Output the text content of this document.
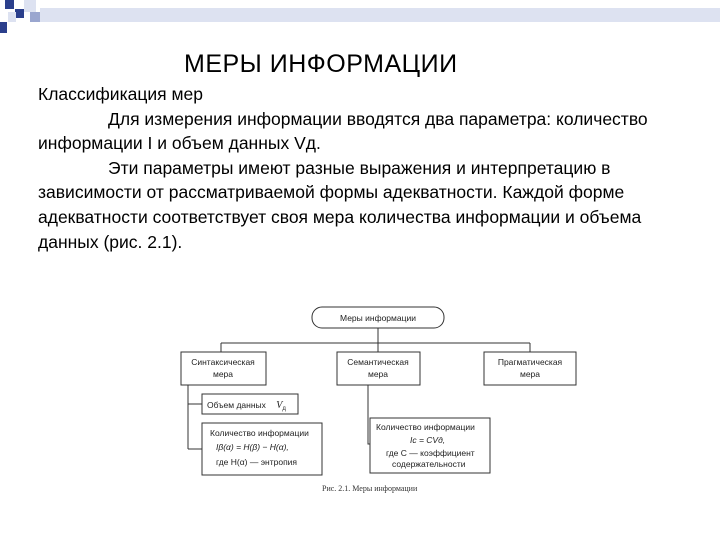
МЕРЫ ИНФОРМАЦИИ

Классификация мер

Для измерения информации вводятся два параметра: количество информации I и объем данных Vд.

Эти параметры имеют разные выражения и интерпретацию в зависимости от рассматриваемой формы адекватности. Каждой форме адекватности соответствует своя мера количества информации и объема данных (рис. 2.1).

Меры информации
Синтаксическая
мера
Семантическая
мера
Прагматическая
мера
Объем данных $V_д$
Количество информации
Iβ(α) = H(β) − H(α),
где H(α) — энтропия
Количество информации
Ic = CVд,
где C — коэффициент
содержательности
Рис. 2.1. Меры информации
